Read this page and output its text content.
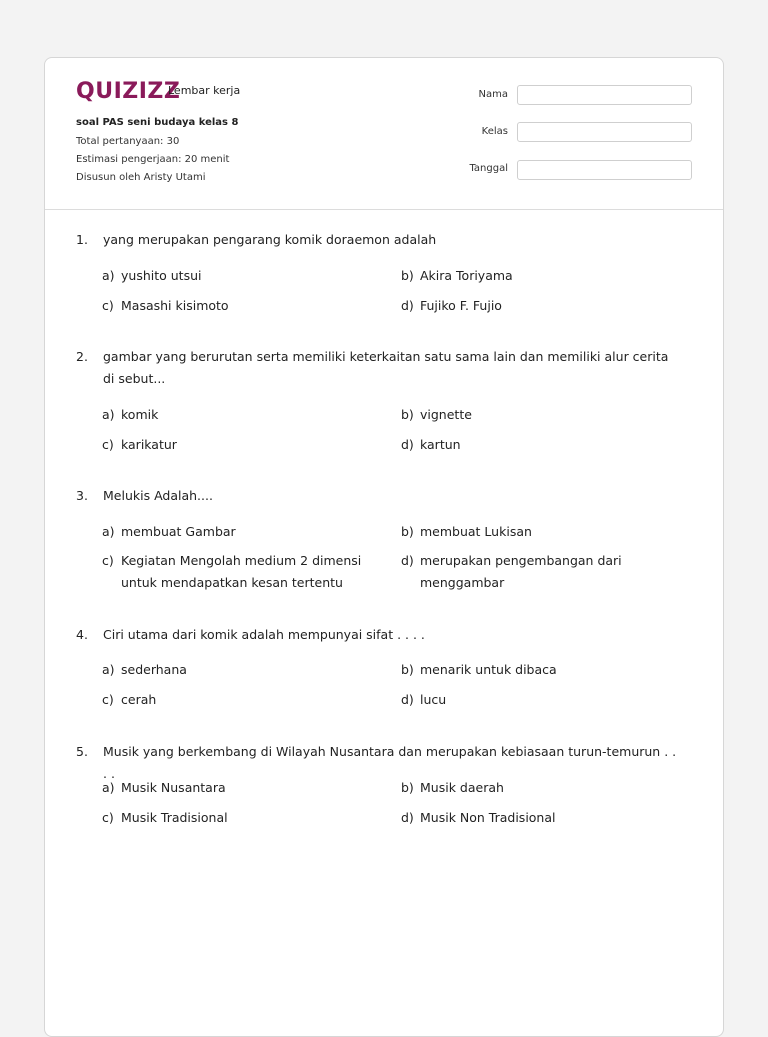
QUIZIZZ
Lembar kerja
soal PAS seni budaya kelas 8
Total pertanyaan: 30
Estimasi pengerjaan: 20 menit
Disusun oleh Aristy Utami
Nama
Kelas
Tanggal
1. yang merupakan pengarang komik doraemon adalah
a) yushito utsui	b) Akira Toriyama
c) Masashi kisimoto	d) Fujiko F. Fujio
2. gambar yang berurutan serta memiliki keterkaitan satu sama lain dan memiliki alur cerita di sebut...
a) komik	b) vignette
c) karikatur	d) kartun
3. Melukis Adalah....
a) membuat Gambar	b) membuat Lukisan
c) Kegiatan Mengolah medium 2 dimensi untuk mendapatkan kesan tertentu
d) merupakan pengembangan dari menggambar
4. Ciri utama dari komik adalah mempunyai sifat . . . .
a) sederhana	b) menarik untuk dibaca
c) cerah	d) lucu
5. Musik yang berkembang di Wilayah Nusantara dan merupakan kebiasaan turun-temurun . . . .
a) Musik Nusantara	b) Musik daerah
c) Musik Tradisional	d) Musik Non Tradisional
